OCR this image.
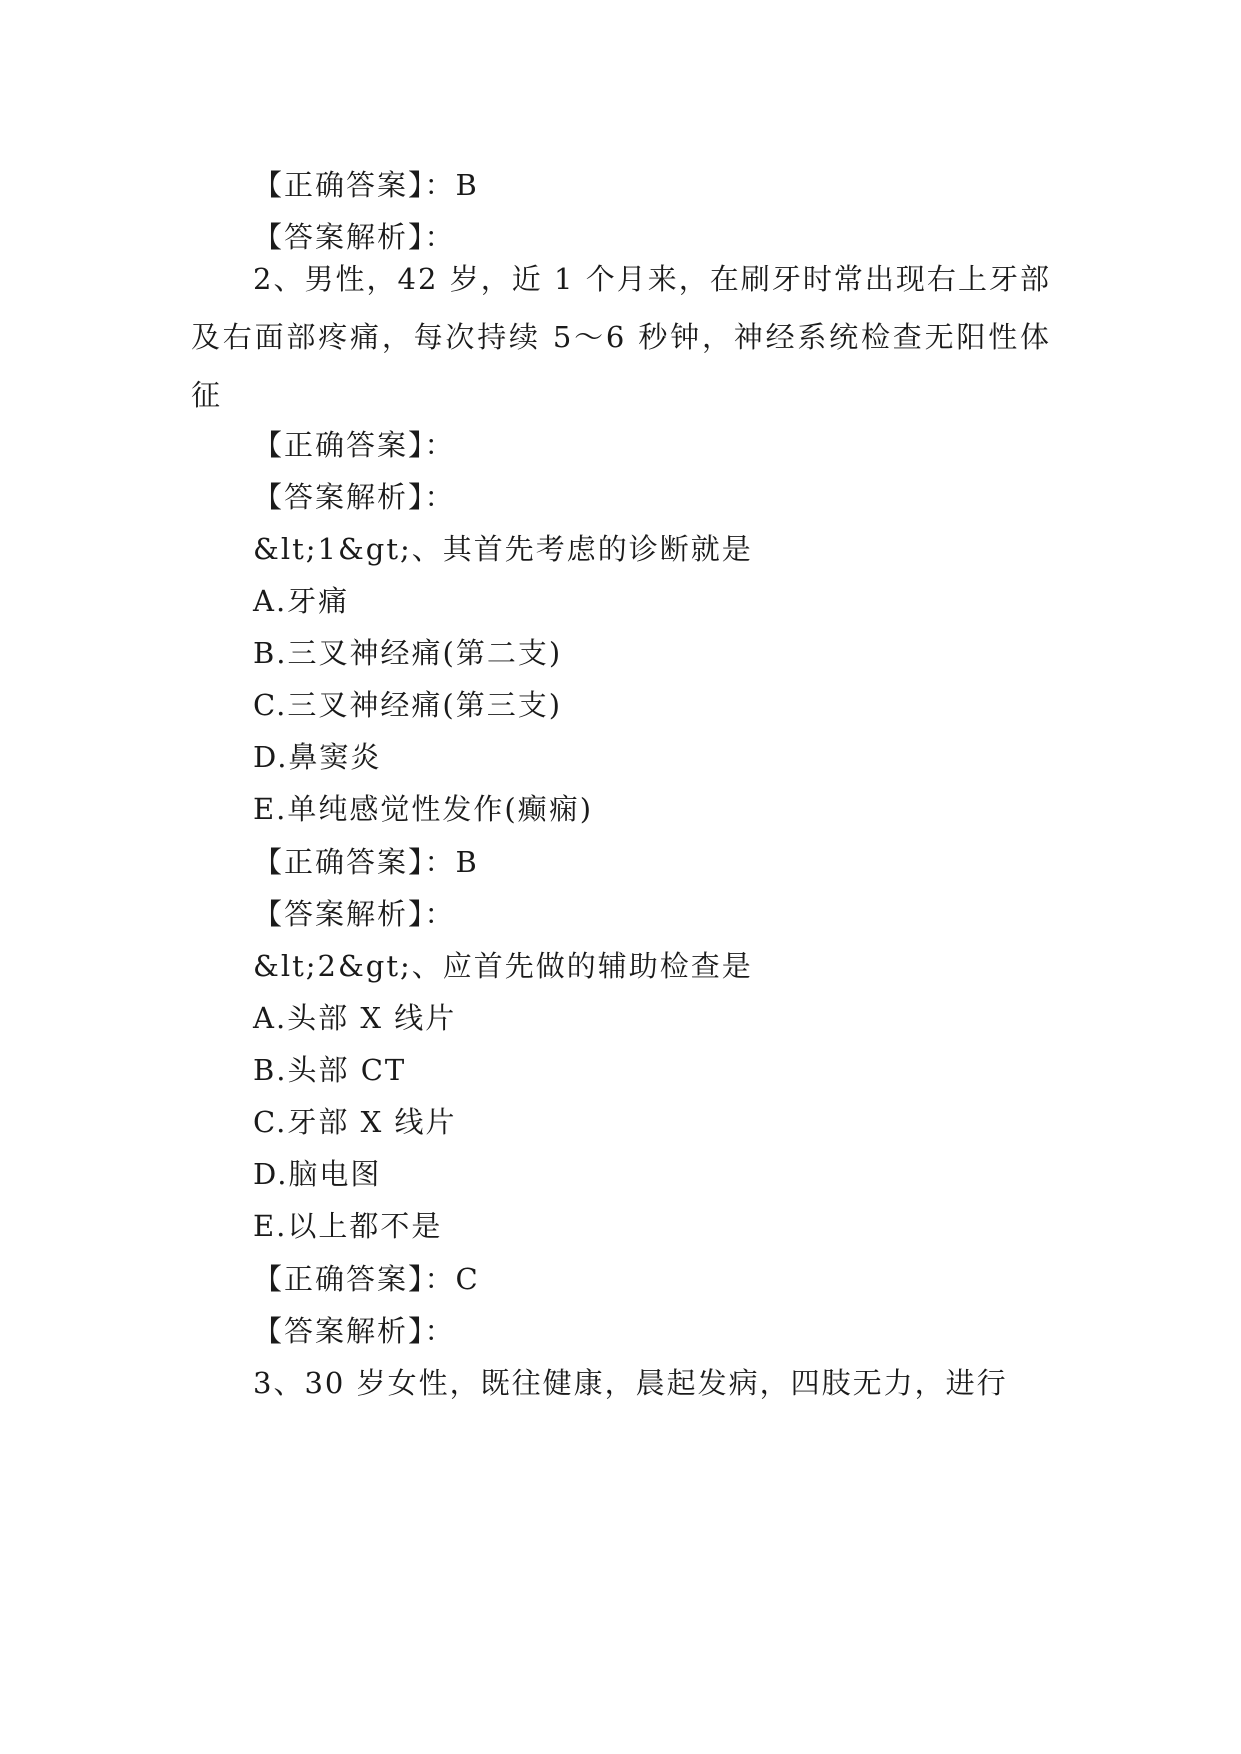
【正确答案】：B
【答案解析】：
2、男性，42 岁，近 1 个月来，在刷牙时常出现右上牙部及右面部疼痛，每次持续 5～6 秒钟，神经系统检查无阳性体征
【正确答案】：
【答案解析】：
&lt;1&gt;、其首先考虑的诊断就是
A.牙痛
B.三叉神经痛(第二支)
C.三叉神经痛(第三支)
D.鼻窦炎
E.单纯感觉性发作(癫痫)
【正确答案】：B
【答案解析】：
&lt;2&gt;、应首先做的辅助检查是
A.头部 X 线片
B.头部 CT
C.牙部 X 线片
D.脑电图
E.以上都不是
【正确答案】：C
【答案解析】：
3、30 岁女性，既往健康，晨起发病，四肢无力，进行
